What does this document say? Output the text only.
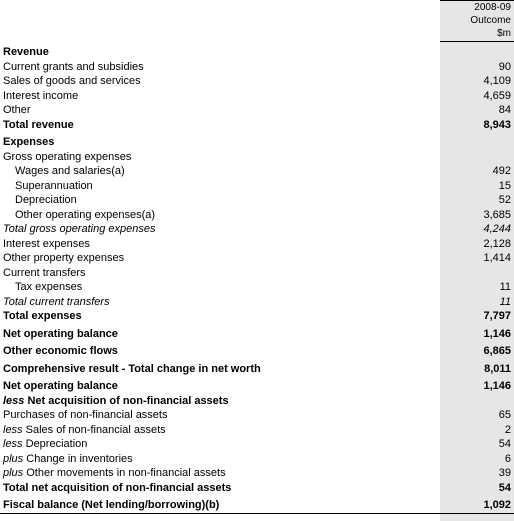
	2008-09
	Outcome
	$m
Revenue	
Current grants and subsidies	90
Sales of goods and services	4,109
Interest income	4,659
Other	84
Total revenue	8,943
Expenses	
Gross operating expenses	
Wages and salaries(a)	492
Superannuation	15
Depreciation	52
Other operating expenses(a)	3,685
Total gross operating expenses	4,244
Interest expenses	2,128
Other property expenses	1,414
Current transfers	
Tax expenses	11
Total current transfers	11
Total expenses	7,797
Net operating balance	1,146
Other economic flows	6,865
Comprehensive result - Total change in net worth	8,011
Net operating balance	1,146
less Net acquisition of non-financial assets	
Purchases of non-financial assets	65
less Sales of non-financial assets	2
less Depreciation	54
plus Change in inventories	6
plus Other movements in non-financial assets	39
Total net acquisition of non-financial assets	54
Fiscal balance (Net lending/borrowing)(b)	1,092
